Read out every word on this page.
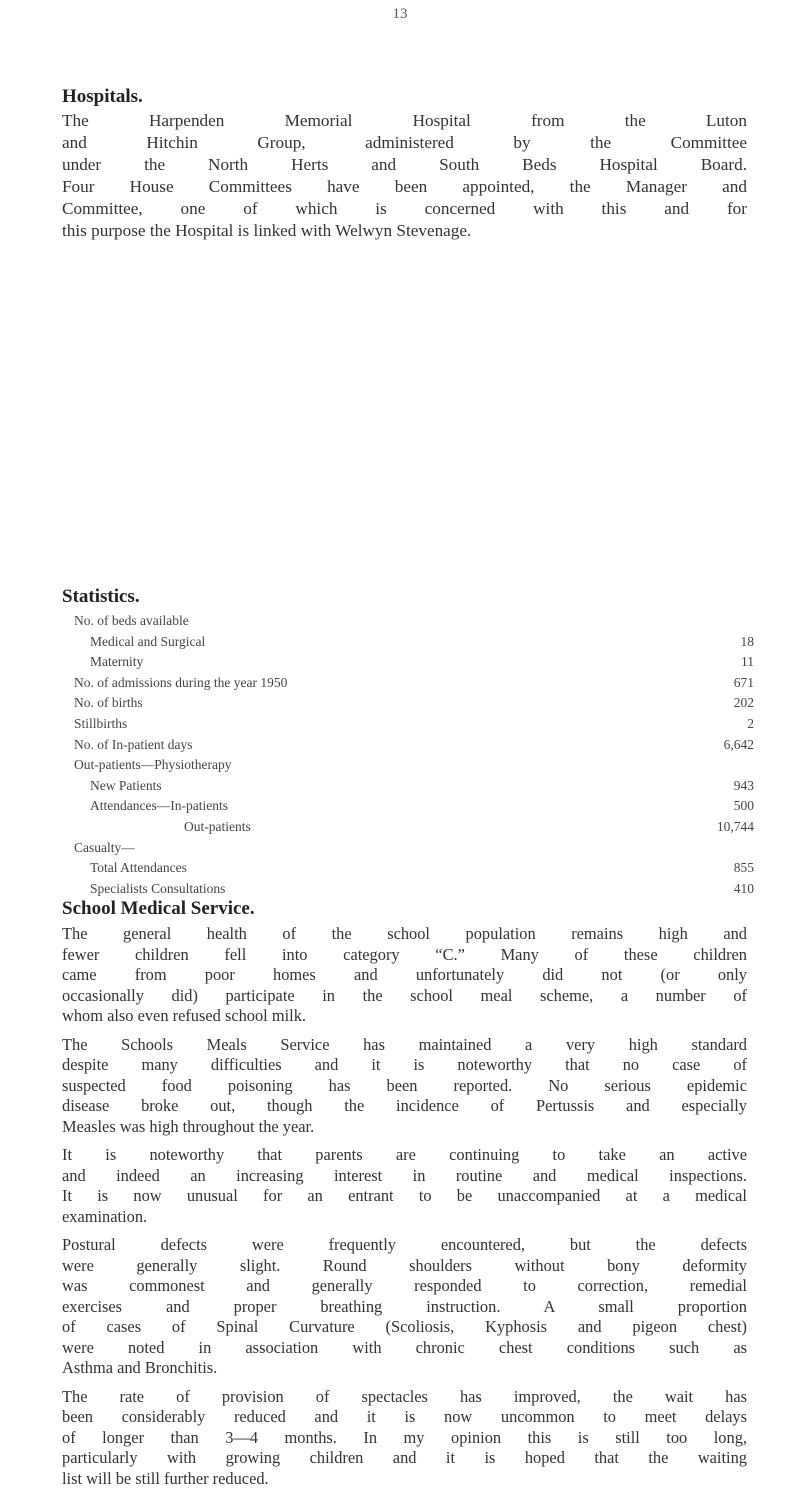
13
Hospitals.
The Harpenden Memorial Hospital from the Luton
and Hitchin Group, administered by the Committee
under the North Herts and South Beds Hospital Board.
Four House Committees have been appointed, the Manager and
Committee, one of which is concerned with this and for
this purpose the Hospital is linked with Welwyn Stevenage.
Statistics.
No. of beds available
Medical and Surgical	18
Maternity	11
No. of admissions during the year 1950	671
No. of births	202
Stillbirths	2
No. of In-patient days	6,642
Out-patients—Physiotherapy
New Patients	943
Attendances—In-patients	500
Out-patients	10,744
Casualty—
Total Attendances	855
Specialists Consultations	410
School Medical Service.
The general health of the school population remains high and
fewer children fell into category “C.” Many of these children
came from poor homes and unfortunately did not (or only
occasionally did) participate in the school meal scheme, a number of
whom also even refused school milk.
The Schools Meals Service has maintained a very high standard
despite many difficulties and it is noteworthy that no case of
suspected food poisoning has been reported. No serious epidemic
disease broke out, though the incidence of Pertussis and especially
Measles was high throughout the year.
It is noteworthy that parents are continuing to take an active
and indeed an increasing interest in routine and medical inspections.
It is now unusual for an entrant to be unaccompanied at a medical
examination.
Postural defects were frequently encountered, but the defects
were generally slight. Round shoulders without bony deformity
was commonest and generally responded to correction, remedial
exercises and proper breathing instruction. A small proportion
of cases of Spinal Curvature (Scoliosis, Kyphosis and pigeon chest)
were noted in association with chronic chest conditions such as
Asthma and Bronchitis.
The rate of provision of spectacles has improved, the wait has
been considerably reduced and it is now uncommon to meet delays
of longer than 3—4 months. In my opinion this is still too long,
particularly with growing children and it is hoped that the waiting
list will be still further reduced.
